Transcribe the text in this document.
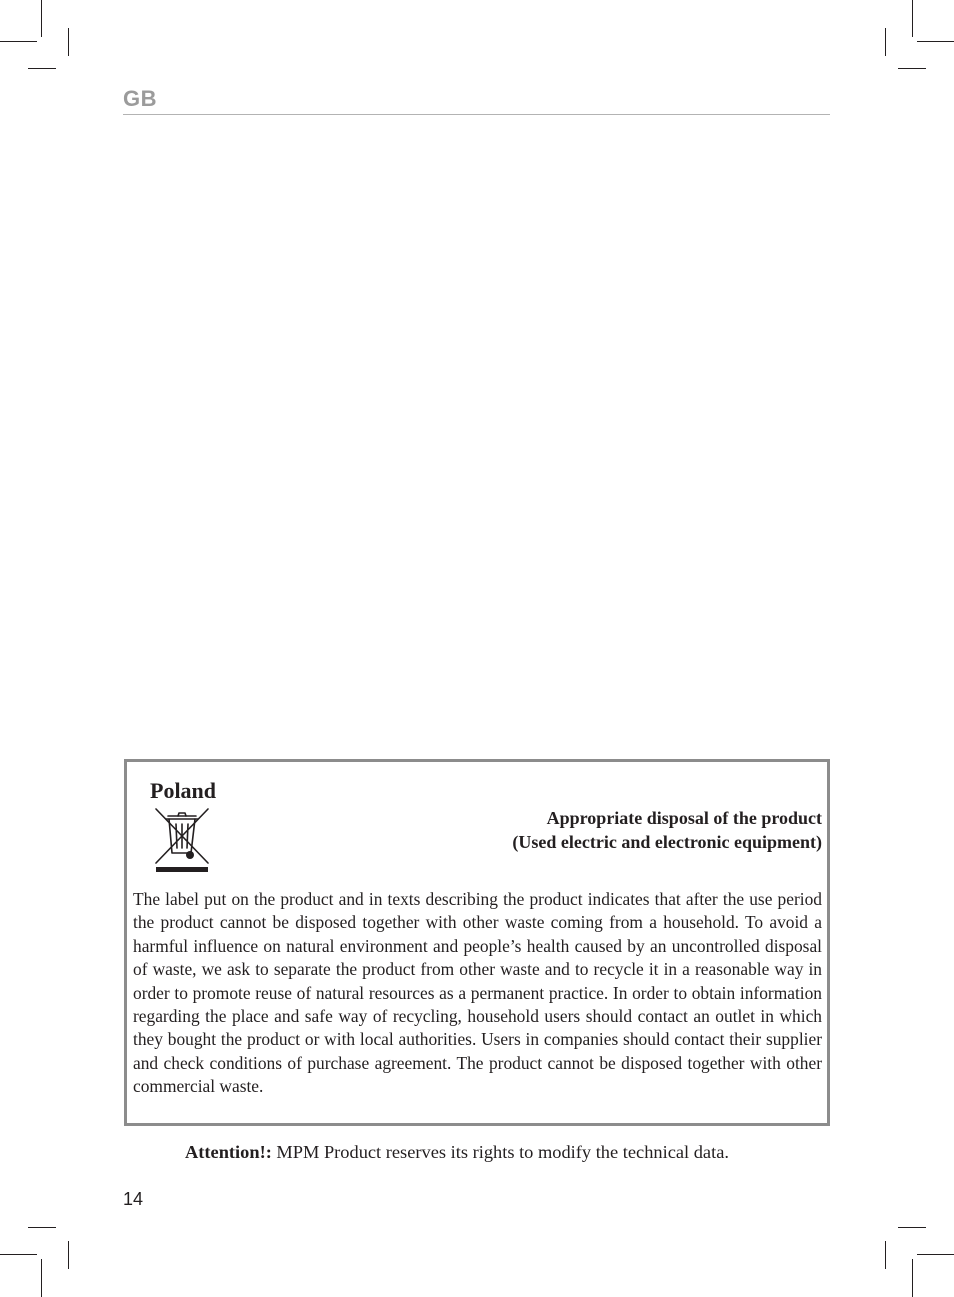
GB
Poland
Appropriate disposal of the product
(Used electric and electronic equipment)

The label put on the product and in texts describing the product indicates that after the use period the product cannot be disposed together with other waste coming from a household. To avoid a harmful influence on natural environment and people’s health caused by an uncontrolled disposal of waste, we ask to separate the product from other waste and to recycle it in a reasonable way in order to promote reuse of natural resources as a permanent practice. In order to obtain information regarding the place and safe way of recycling, household users should contact an outlet in which they bought the product or with local authorities. Users in companies should contact their supplier and check conditions of purchase agreement. The product cannot be disposed together with other commercial waste.

Attention!: MPM Product reserves its rights to modify the technical data.
14
